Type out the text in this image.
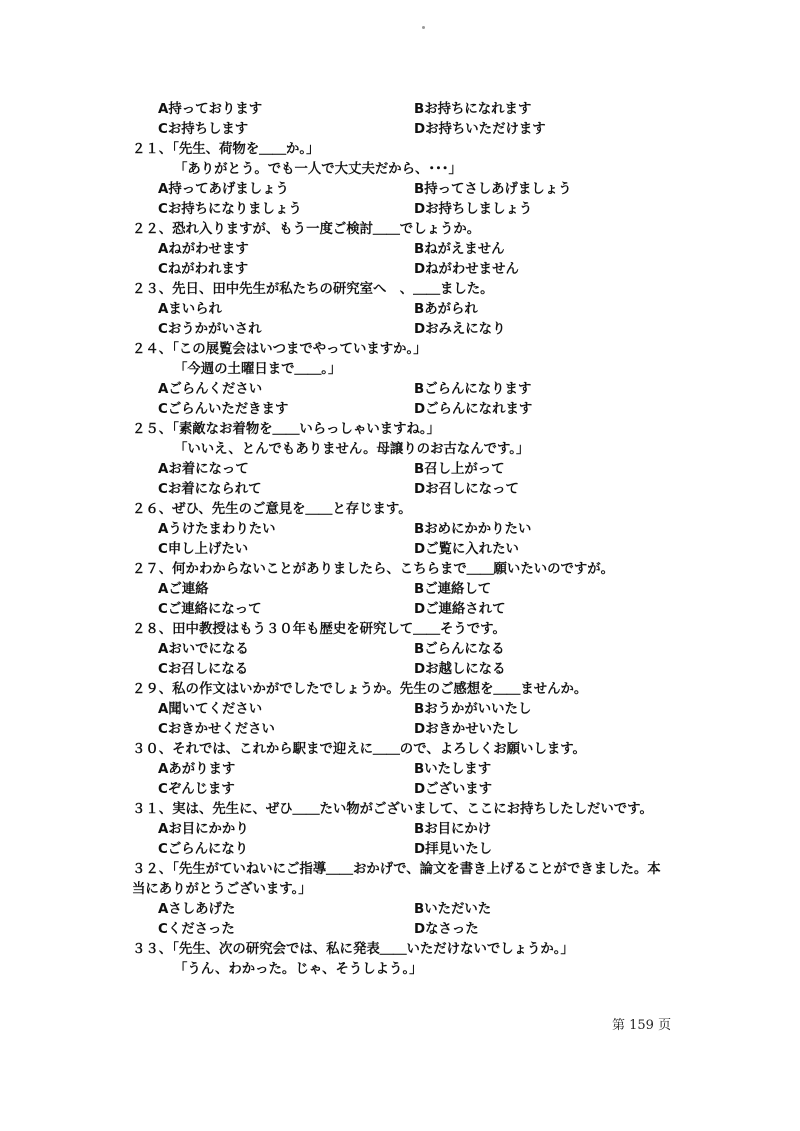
A持っております	Bお持ちになれます
Cお持ちします	Dお持ちいただけます
２１、「先生、荷物を＿＿か。」
「ありがとう。でも一人で大丈夫だから、･･･」
A持ってあげましょう	B持ってさしあげましょう
Cお持ちになりましょう	Dお持ちしましょう
２２、恐れ入りますが、もう一度ご検討＿＿でしょうか。
Aねがわせます	Bねがえません
Cねがわれます	Dねがわせません
２３、先日、田中先生が私たちの研究室へ　、＿＿ました。
Aまいられ	Bあがられ
Cおうかがいされ	Dおみえになり
２４、「この展覧会はいつまでやっていますか。」
「今週の土曜日まで＿＿。」
Aごらんください	Bごらんになります
Cごらんいただきます	Dごらんになれます
２５、「素敵なお着物を＿＿いらっしゃいますね。」
「いいえ、とんでもありません。母譲りのお古なんです。」
Aお着になって	B召し上がって
Cお着になられて	Dお召しになって
２６、ぜひ、先生のご意見を＿＿と存じます。
Aうけたまわりたい	Bおめにかかりたい
C申し上げたい	Dご覧に入れたい
２７、何かわからないことがありましたら、こちらまで＿＿願いたいのですが。
Aご連絡	Bご連絡して
Cご連絡になって	Dご連絡されて
２８、田中教授はもう３０年も歴史を研究して＿＿そうです。
Aおいでになる	Bごらんになる
Cお召しになる	Dお越しになる
２９、私の作文はいかがでしたでしょうか。先生のご感想を＿＿ませんか。
A聞いてください	Bおうかがいいたし
Cおきかせください	Dおきかせいたし
３０、それでは、これから駅まで迎えに＿＿ので、よろしくお願いします。
Aあがります	Bいたします
Cぞんじます	Dございます
３１、実は、先生に、ぜひ＿＿たい物がございまして、ここにお持ちしたしだいです。
Aお目にかかり	Bお目にかけ
Cごらんになり	D拝見いたし
３２、「先生がていねいにご指導＿＿おかげで、論文を書き上げることができました。本
当にありがとうございます。」
Aさしあげた	Bいただいた
Cくださった	Dなさった
３３、「先生、次の研究会では、私に発表＿＿いただけないでしょうか。」
「うん、わかった。じゃ、そうしよう。」
第 159 页
